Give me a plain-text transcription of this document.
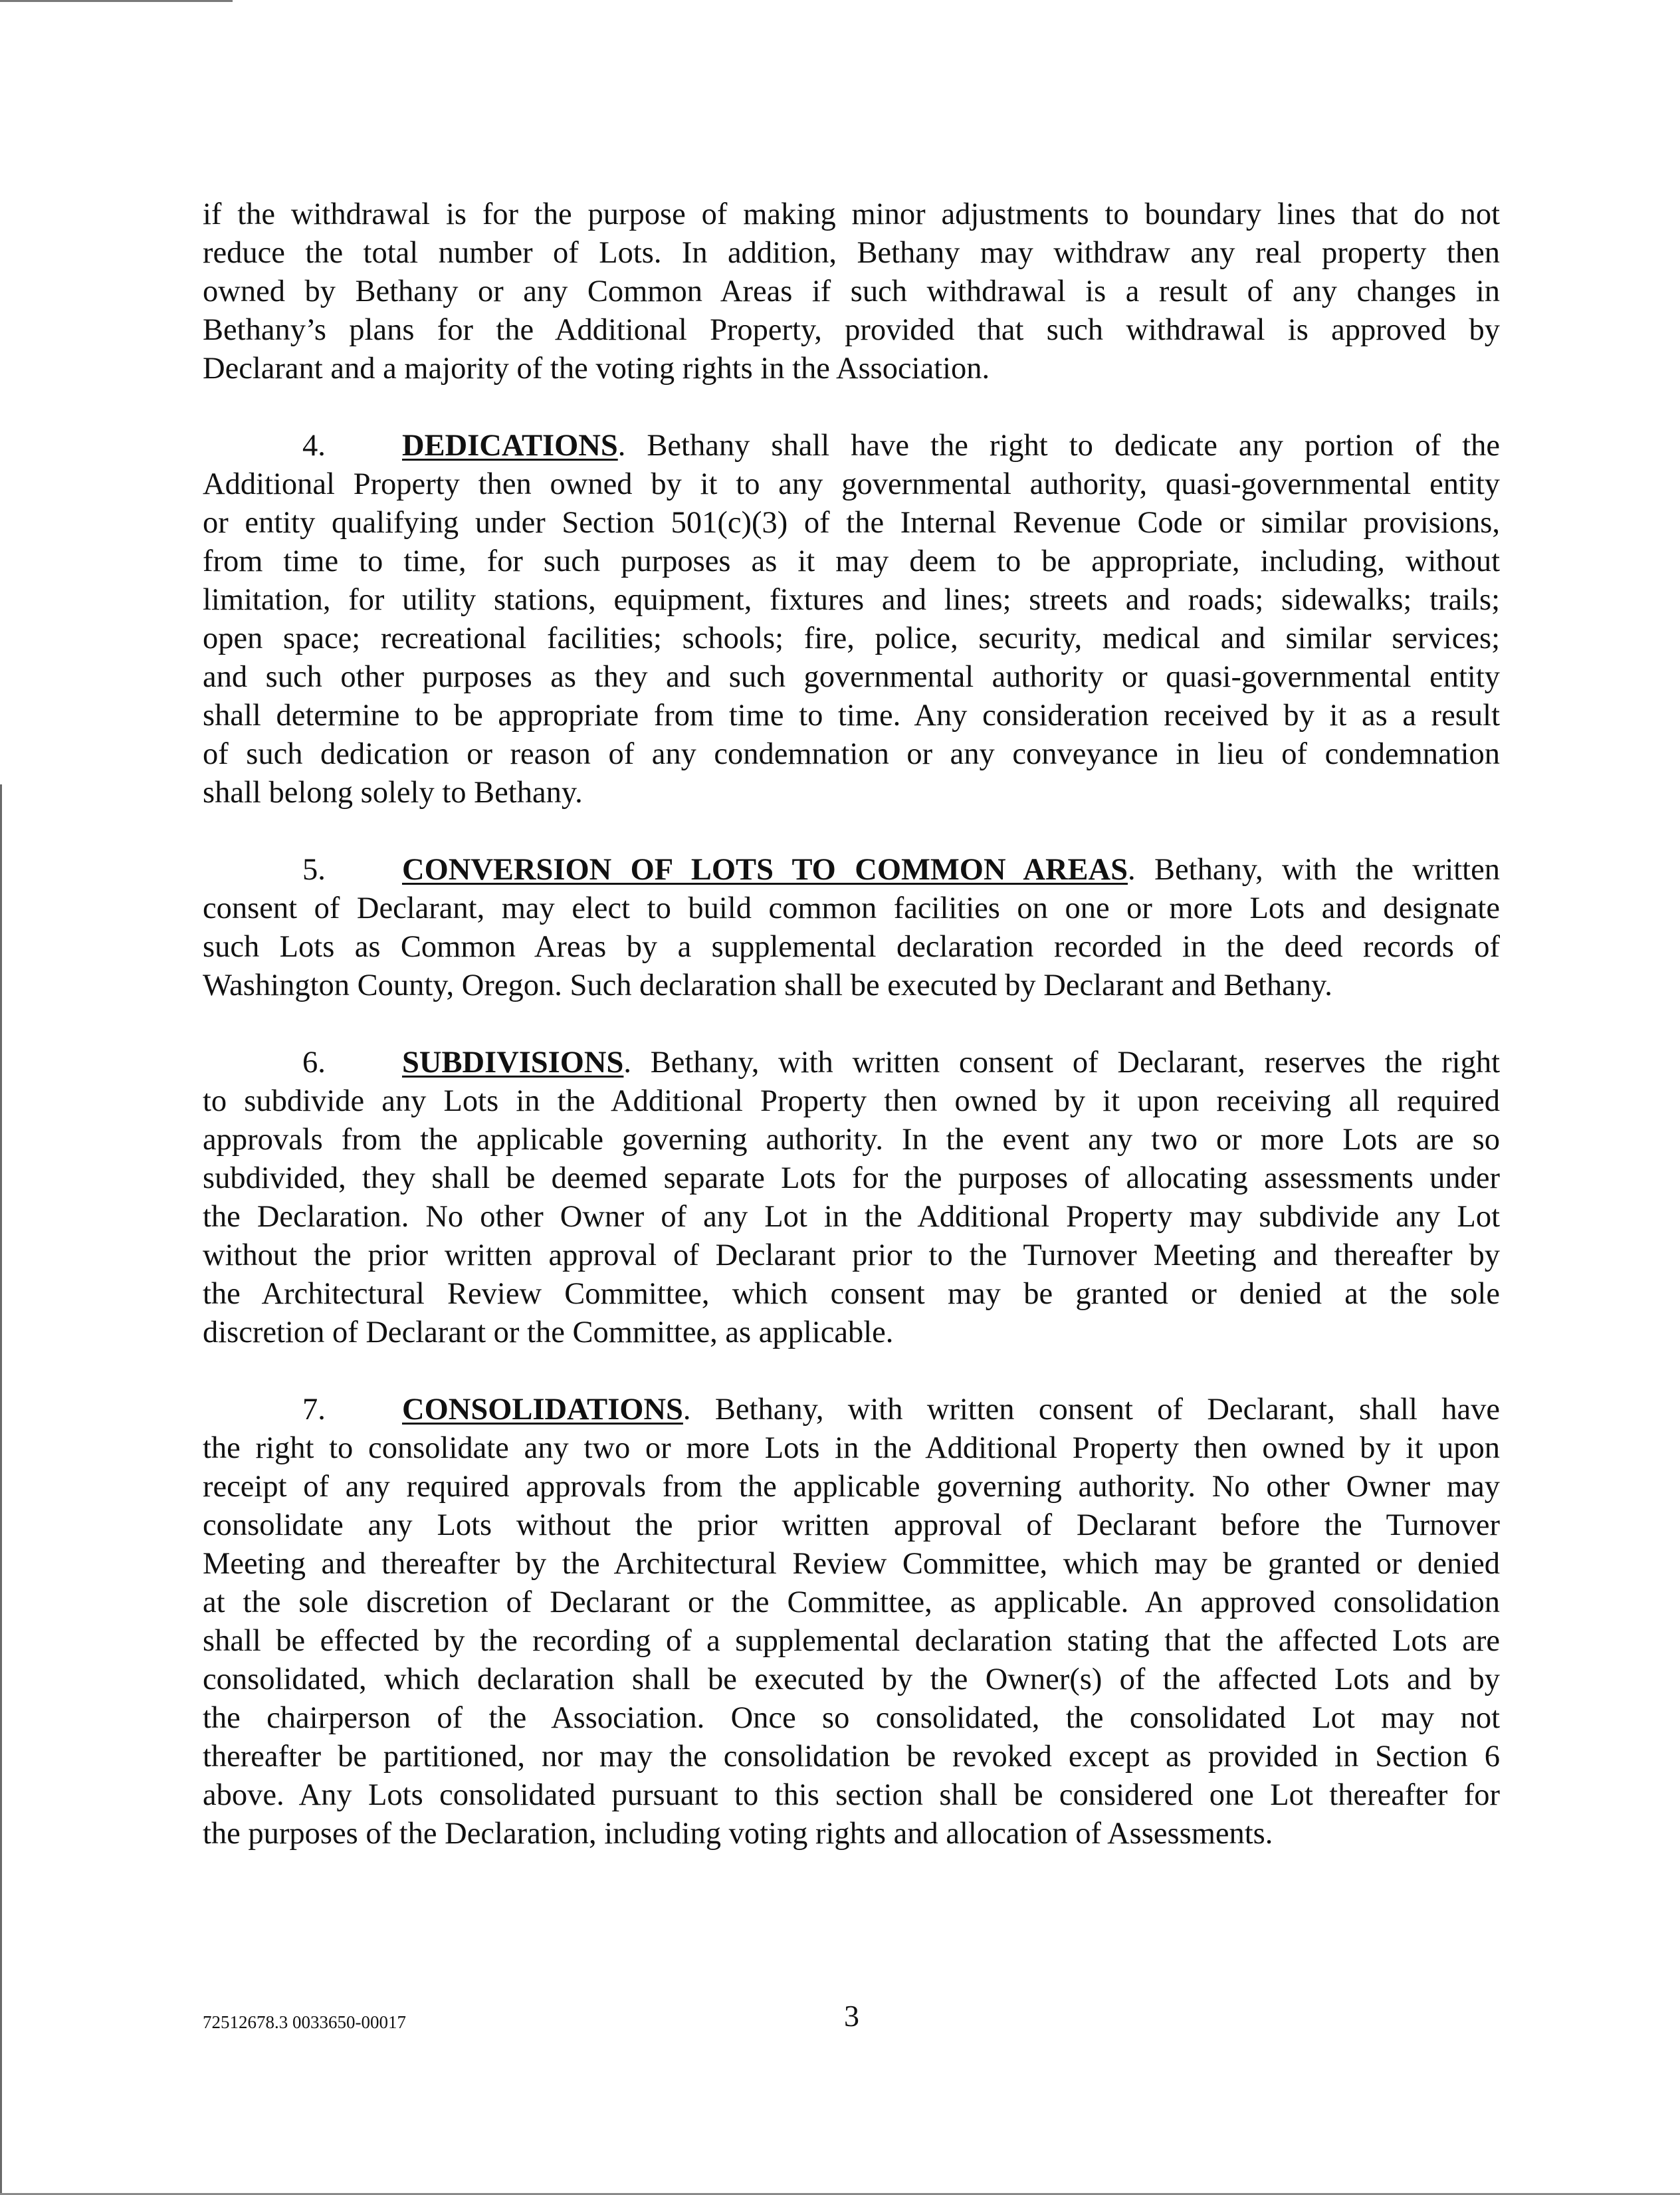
if the withdrawal is for the purpose of making minor adjustments to boundary lines that do not
reduce the total number of Lots. In addition, Bethany may withdraw any real property then
owned by Bethany or any Common Areas if such withdrawal is a result of any changes in
Bethany’s plans for the Additional Property, provided that such withdrawal is approved by
Declarant and a majority of the voting rights in the Association.

4. DEDICATIONS. Bethany shall have the right to dedicate any portion of the
Additional Property then owned by it to any governmental authority, quasi-governmental entity
or entity qualifying under Section 501(c)(3) of the Internal Revenue Code or similar provisions,
from time to time, for such purposes as it may deem to be appropriate, including, without
limitation, for utility stations, equipment, fixtures and lines; streets and roads; sidewalks; trails;
open space; recreational facilities; schools; fire, police, security, medical and similar services;
and such other purposes as they and such governmental authority or quasi-governmental entity
shall determine to be appropriate from time to time. Any consideration received by it as a result
of such dedication or reason of any condemnation or any conveyance in lieu of condemnation
shall belong solely to Bethany.

5. CONVERSION OF LOTS TO COMMON AREAS. Bethany, with the written
consent of Declarant, may elect to build common facilities on one or more Lots and designate
such Lots as Common Areas by a supplemental declaration recorded in the deed records of
Washington County, Oregon. Such declaration shall be executed by Declarant and Bethany.

6. SUBDIVISIONS. Bethany, with written consent of Declarant, reserves the right
to subdivide any Lots in the Additional Property then owned by it upon receiving all required
approvals from the applicable governing authority. In the event any two or more Lots are so
subdivided, they shall be deemed separate Lots for the purposes of allocating assessments under
the Declaration. No other Owner of any Lot in the Additional Property may subdivide any Lot
without the prior written approval of Declarant prior to the Turnover Meeting and thereafter by
the Architectural Review Committee, which consent may be granted or denied at the sole
discretion of Declarant or the Committee, as applicable.

7. CONSOLIDATIONS. Bethany, with written consent of Declarant, shall have
the right to consolidate any two or more Lots in the Additional Property then owned by it upon
receipt of any required approvals from the applicable governing authority. No other Owner may
consolidate any Lots without the prior written approval of Declarant before the Turnover
Meeting and thereafter by the Architectural Review Committee, which may be granted or denied
at the sole discretion of Declarant or the Committee, as applicable. An approved consolidation
shall be effected by the recording of a supplemental declaration stating that the affected Lots are
consolidated, which declaration shall be executed by the Owner(s) of the affected Lots and by
the chairperson of the Association. Once so consolidated, the consolidated Lot may not
thereafter be partitioned, nor may the consolidation be revoked except as provided in Section 6
above. Any Lots consolidated pursuant to this section shall be considered one Lot thereafter for
the purposes of the Declaration, including voting rights and allocation of Assessments.

72512678.3 0033650-00017	3
